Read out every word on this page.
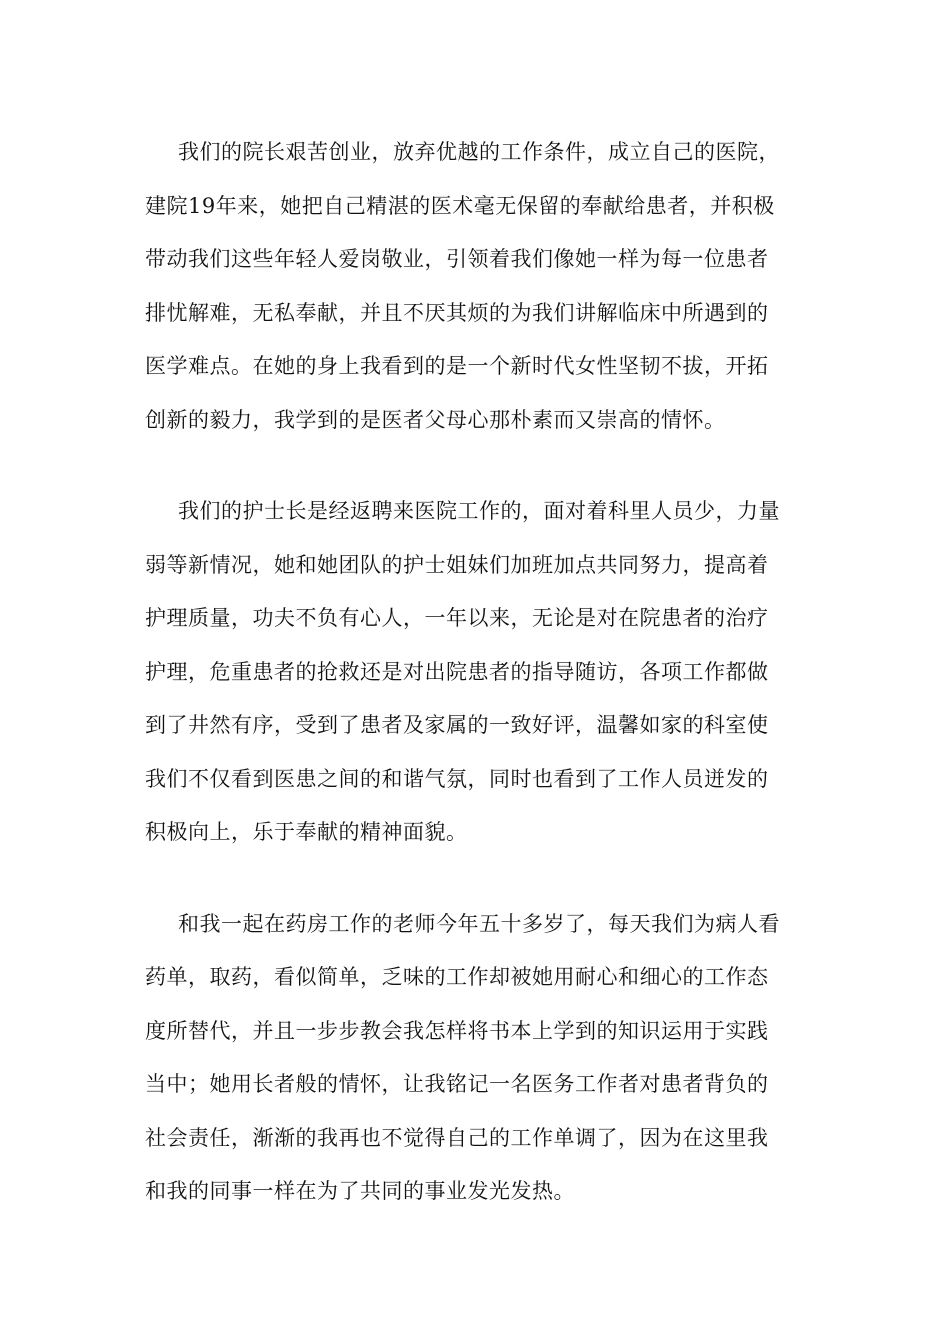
我们的院长艰苦创业，放弃优越的工作条件，成立自己的医院，
建院19年来，她把自己精湛的医术毫无保留的奉献给患者，并积极
带动我们这些年轻人爱岗敬业，引领着我们像她一样为每一位患者
排忧解难，无私奉献，并且不厌其烦的为我们讲解临床中所遇到的
医学难点。在她的身上我看到的是一个新时代女性坚韧不拔，开拓
创新的毅力，我学到的是医者父母心那朴素而又崇高的情怀。

我们的护士长是经返聘来医院工作的，面对着科里人员少，力量
弱等新情况，她和她团队的护士姐妹们加班加点共同努力，提高着
护理质量，功夫不负有心人，一年以来，无论是对在院患者的治疗
护理，危重患者的抢救还是对出院患者的指导随访，各项工作都做
到了井然有序，受到了患者及家属的一致好评，温馨如家的科室使
我们不仅看到医患之间的和谐气氛，同时也看到了工作人员迸发的
积极向上，乐于奉献的精神面貌。

和我一起在药房工作的老师今年五十多岁了，每天我们为病人看
药单，取药，看似简单，乏味的工作却被她用耐心和细心的工作态
度所替代，并且一步步教会我怎样将书本上学到的知识运用于实践
当中；她用长者般的情怀，让我铭记一名医务工作者对患者背负的
社会责任，渐渐的我再也不觉得自己的工作单调了，因为在这里我
和我的同事一样在为了共同的事业发光发热。
